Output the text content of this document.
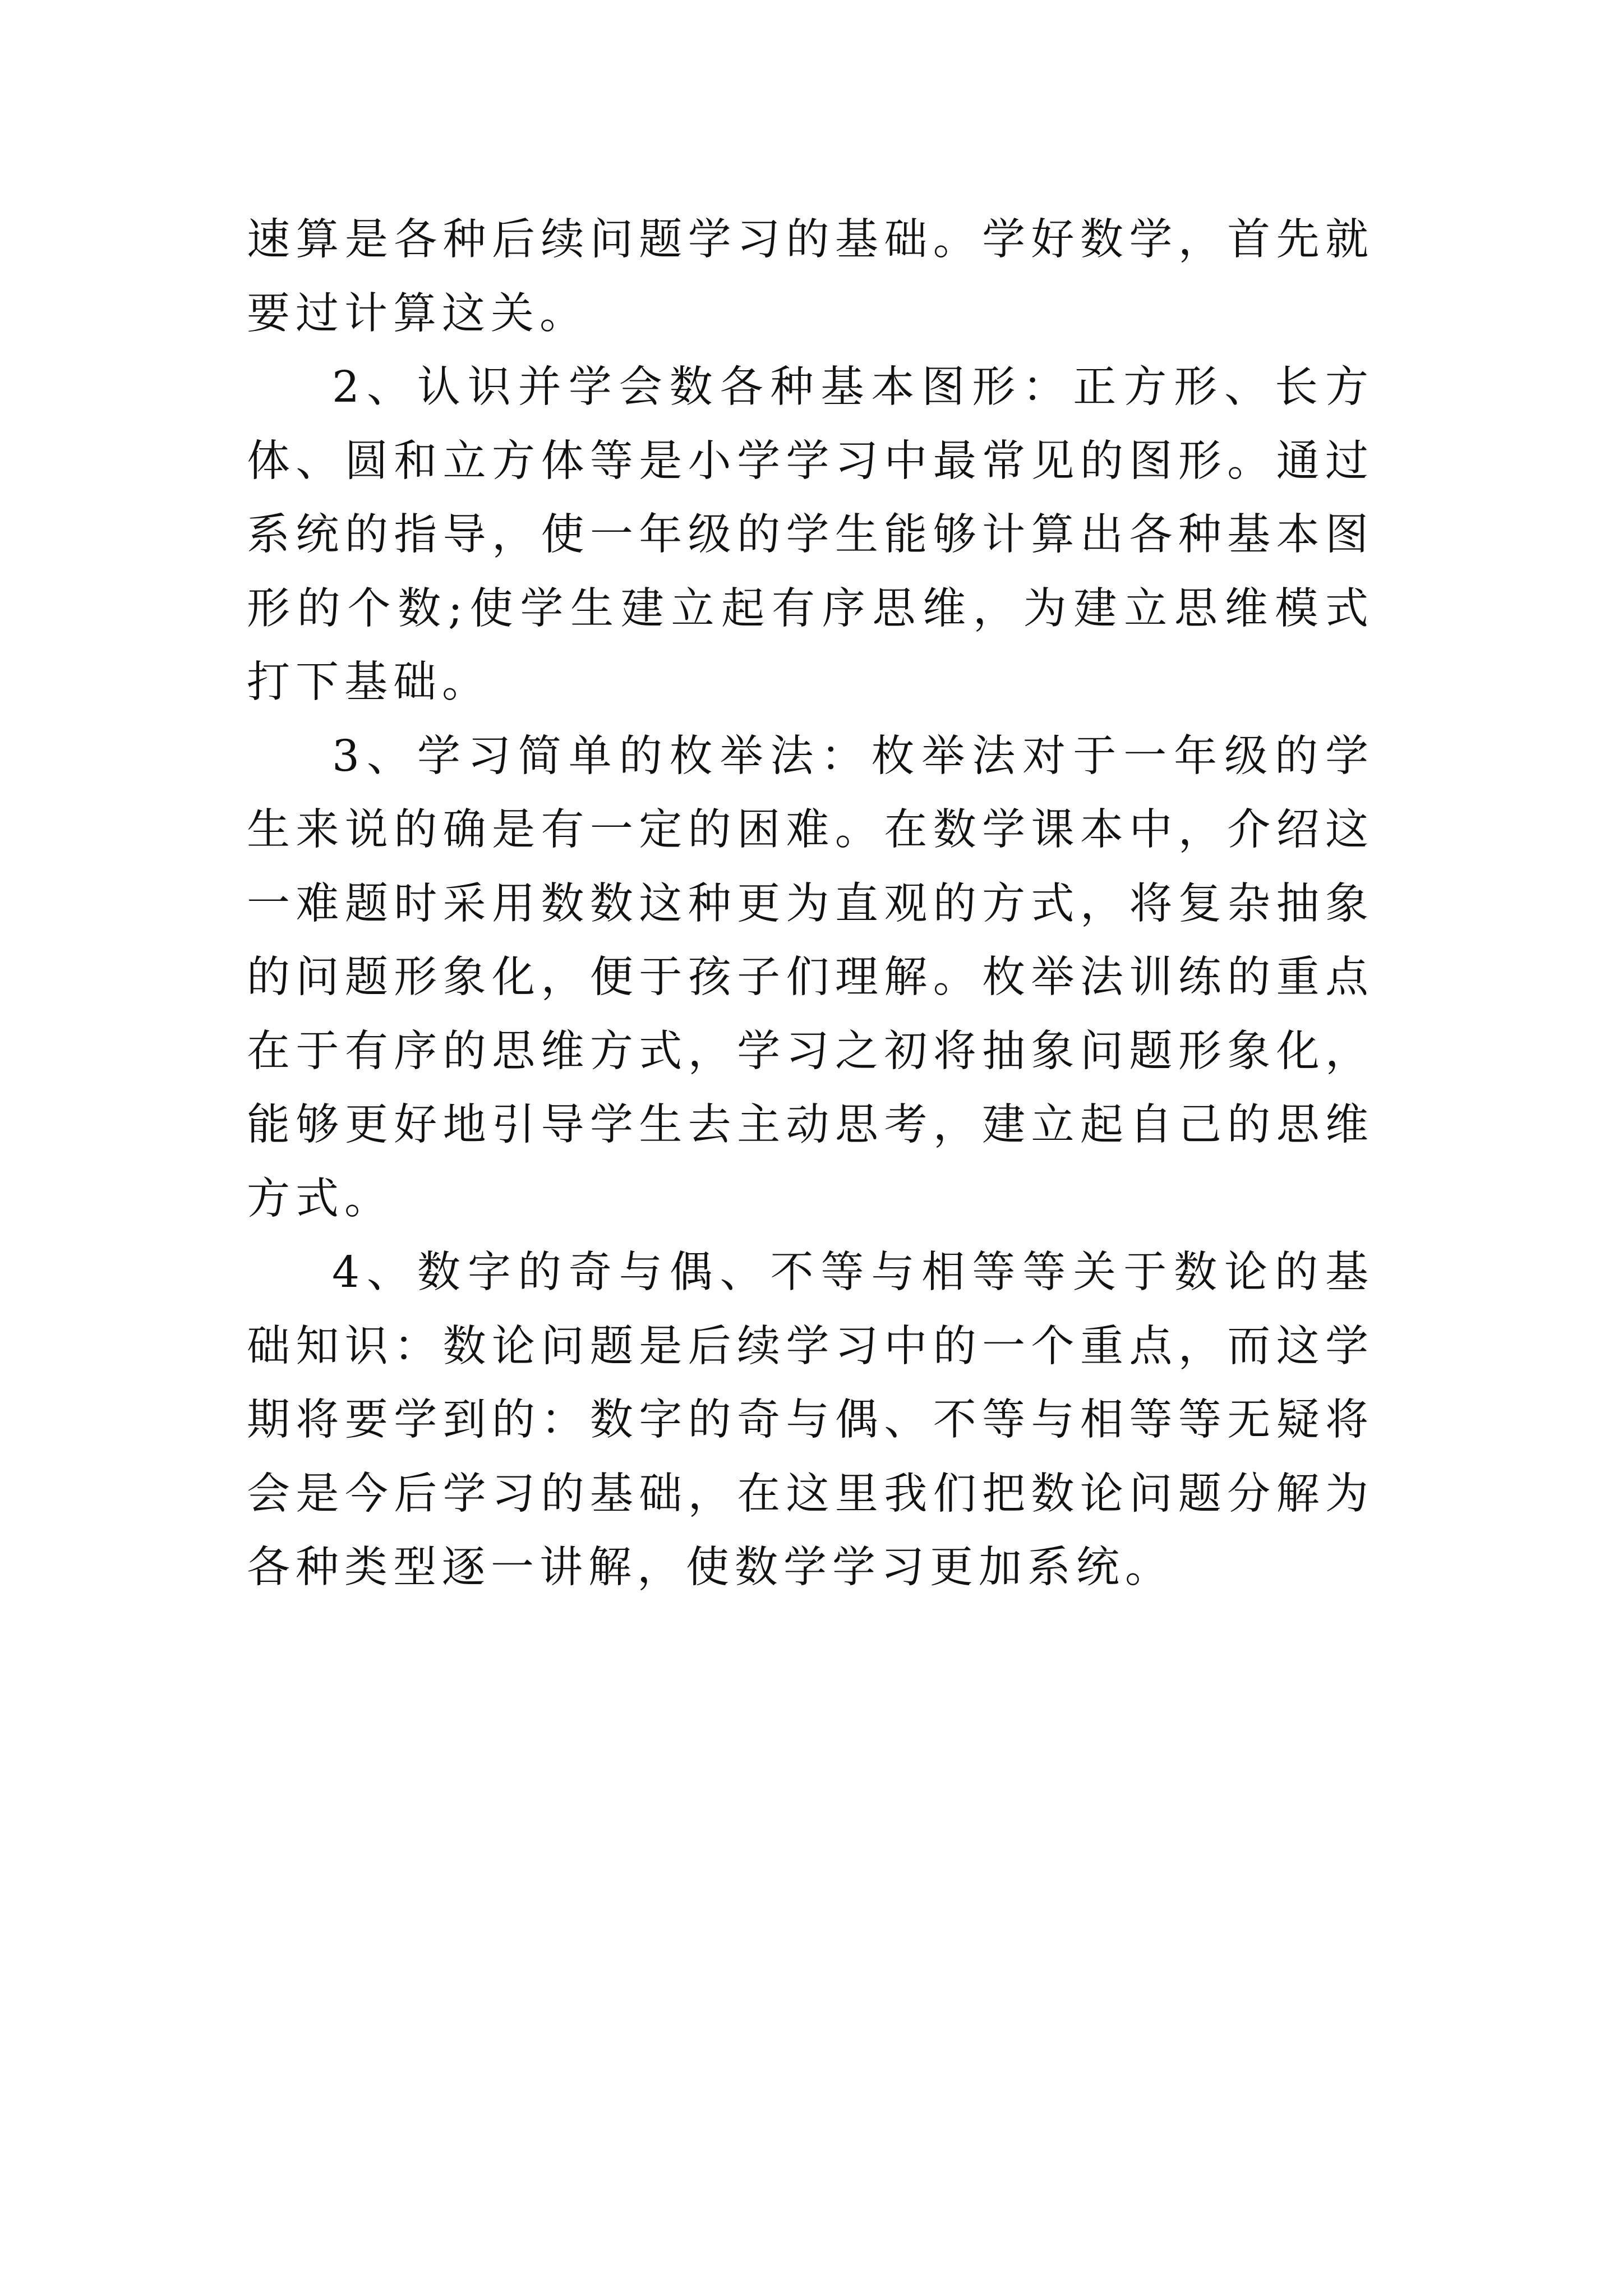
速算是各种后续问题学习的基础。学好数学，首先就要过计算这关。

2、认识并学会数各种基本图形：正方形、长方体、圆和立方体等是小学学习中最常见的图形。通过系统的指导，使一年级的学生能够计算出各种基本图形的个数;使学生建立起有序思维，为建立思维模式打下基础。

3、学习简单的枚举法：枚举法对于一年级的学生来说的确是有一定的困难。在数学课本中，介绍这一难题时采用数数这种更为直观的方式，将复杂抽象的问题形象化，便于孩子们理解。枚举法训练的重点在于有序的思维方式，学习之初将抽象问题形象化，能够更好地引导学生去主动思考，建立起自己的思维方式。

4、数字的奇与偶、不等与相等等关于数论的基础知识：数论问题是后续学习中的一个重点，而这学期将要学到的：数字的奇与偶、不等与相等等无疑将会是今后学习的基础，在这里我们把数论问题分解为各种类型逐一讲解，使数学学习更加系统。
